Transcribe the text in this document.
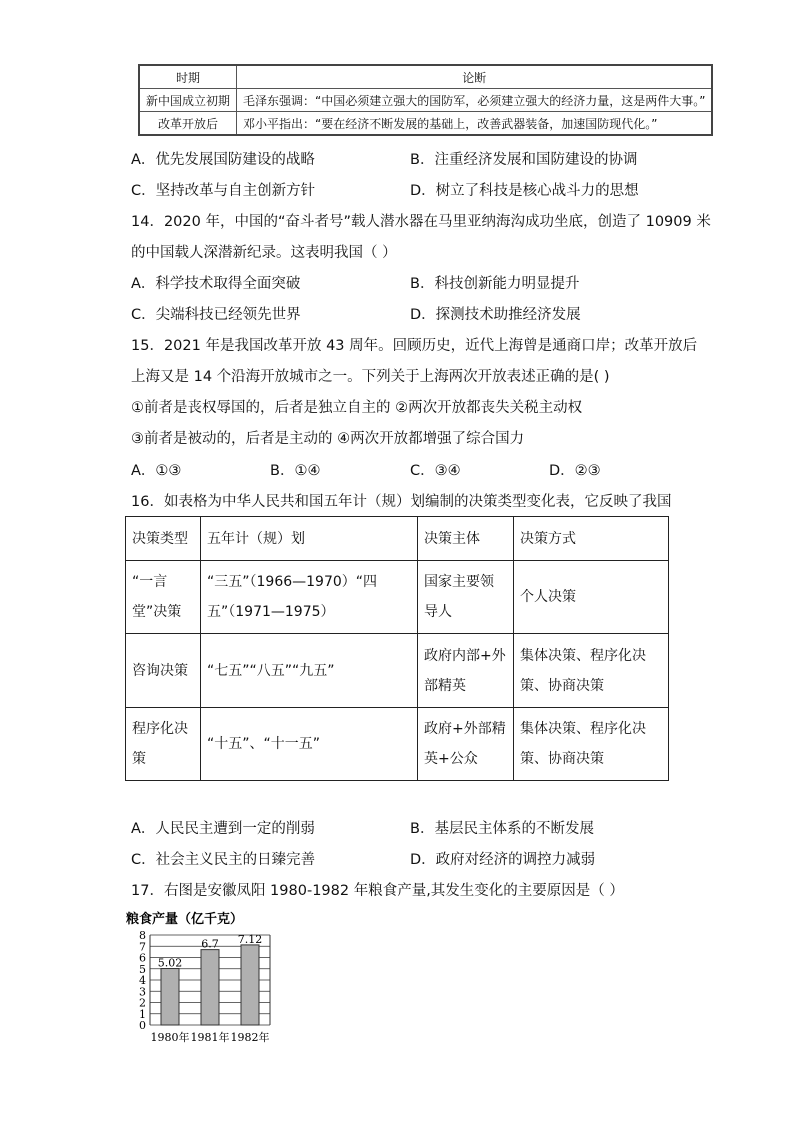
时期	论断
新中国成立初期	毛泽东强调：“中国必须建立强大的国防军，必须建立强大的经济力量，这是两件大事。”
改革开放后	邓小平指出：“要在经济不断发展的基础上，改善武器装备，加速国防现代化。”
A．优先发展国防建设的战略	B．注重经济发展和国防建设的协调
C．坚持改革与自主创新方针	D．树立了科技是核心战斗力的思想
14．2020 年，中国的“奋斗者号”载人潜水器在马里亚纳海沟成功坐底，创造了 10909 米
的中国载人深潜新纪录。这表明我国（ ）
A．科学技术取得全面突破	B．科技创新能力明显提升
C．尖端科技已经领先世界	D．探测技术助推经济发展
15．2021 年是我国改革开放 43 周年。回顾历史，近代上海曾是通商口岸；改革开放后
上海又是 14 个沿海开放城市之一。下列关于上海两次开放表述正确的是( )
①前者是丧权辱国的，后者是独立自主的 ②两次开放都丧失关税主动权
③前者是被动的，后者是主动的 ④两次开放都增强了综合国力
A．①③	B．①④	C．③④	D．②③
16．如表格为中华人民共和国五年计（规）划编制的决策类型变化表，它反映了我国
决策类型	五年计（规）划	决策主体	决策方式
“一言堂”决策	“三五”（1966—1970）“四五”（1971—1975）	国家主要领导人	个人决策
咨询决策	“七五”“八五”“九五”	政府内部+外部精英	集体决策、程序化决策、协商决策
程序化决策	“十五”、“十一五”	政府+外部精英+公众	集体决策、程序化决策、协商决策
A．人民民主遭到一定的削弱	B．基层民主体系的不断发展
C．社会主义民主的日臻完善	D．政府对经济的调控力减弱
17．右图是安徽凤阳 1980-1982 年粮食产量,其发生变化的主要原因是（ ）
粮食产量（亿千克）
0
1
2
3
4
5
6
7
8
5.02
1980年
6.7
1981年
7.12
1982年
